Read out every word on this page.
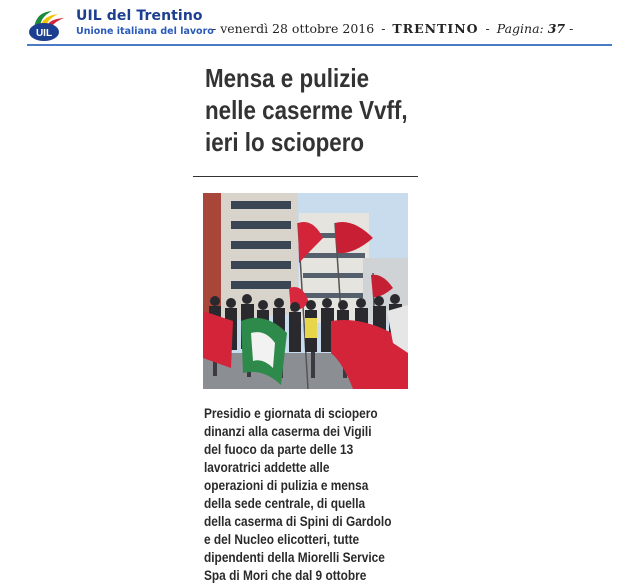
UIL
UIL del Trentino
Unione italiana del lavoro
- venerdì 28 ottobre 2016 - TRENTINO - Pagina: 37 -
Mensa e pulizie
nelle caserme Vvff,
ieri lo sciopero
Presidio e giornata di sciopero
dinanzi alla caserma dei Vigili
del fuoco da parte delle 13
lavoratrici addette alle
operazioni di pulizia e mensa
della sede centrale, di quella
della caserma di Spini di Gardolo
e del Nucleo elicotteri, tutte
dipendenti della Miorelli Service
Spa di Mori che dal 9 ottobre
